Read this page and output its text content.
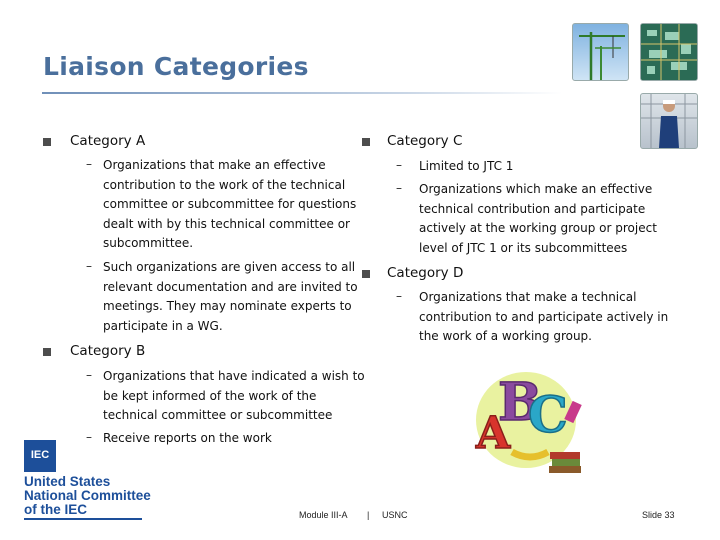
Liaison Categories
Category A
– Organizations that make an effective contribution to the work of the technical committee or subcommittee for questions dealt with by this technical committee or subcommittee.
– Such organizations are given access to all relevant documentation and are invited to meetings. They may nominate experts to participate in a WG.
Category B
– Organizations that have indicated a wish to be kept informed of the work of the technical committee or subcommittee
– Receive reports on the work
Category C
– Limited to JTC 1
– Organizations which make an effective technical contribution and participate actively at the working group or project level of JTC 1 or its subcommittees
Category D
– Organizations that make a technical contribution to and participate actively in the work of a working group.
B
C
A
IEC
United States
National Committee
of the IEC	Module III-A | USNC	Slide 33
